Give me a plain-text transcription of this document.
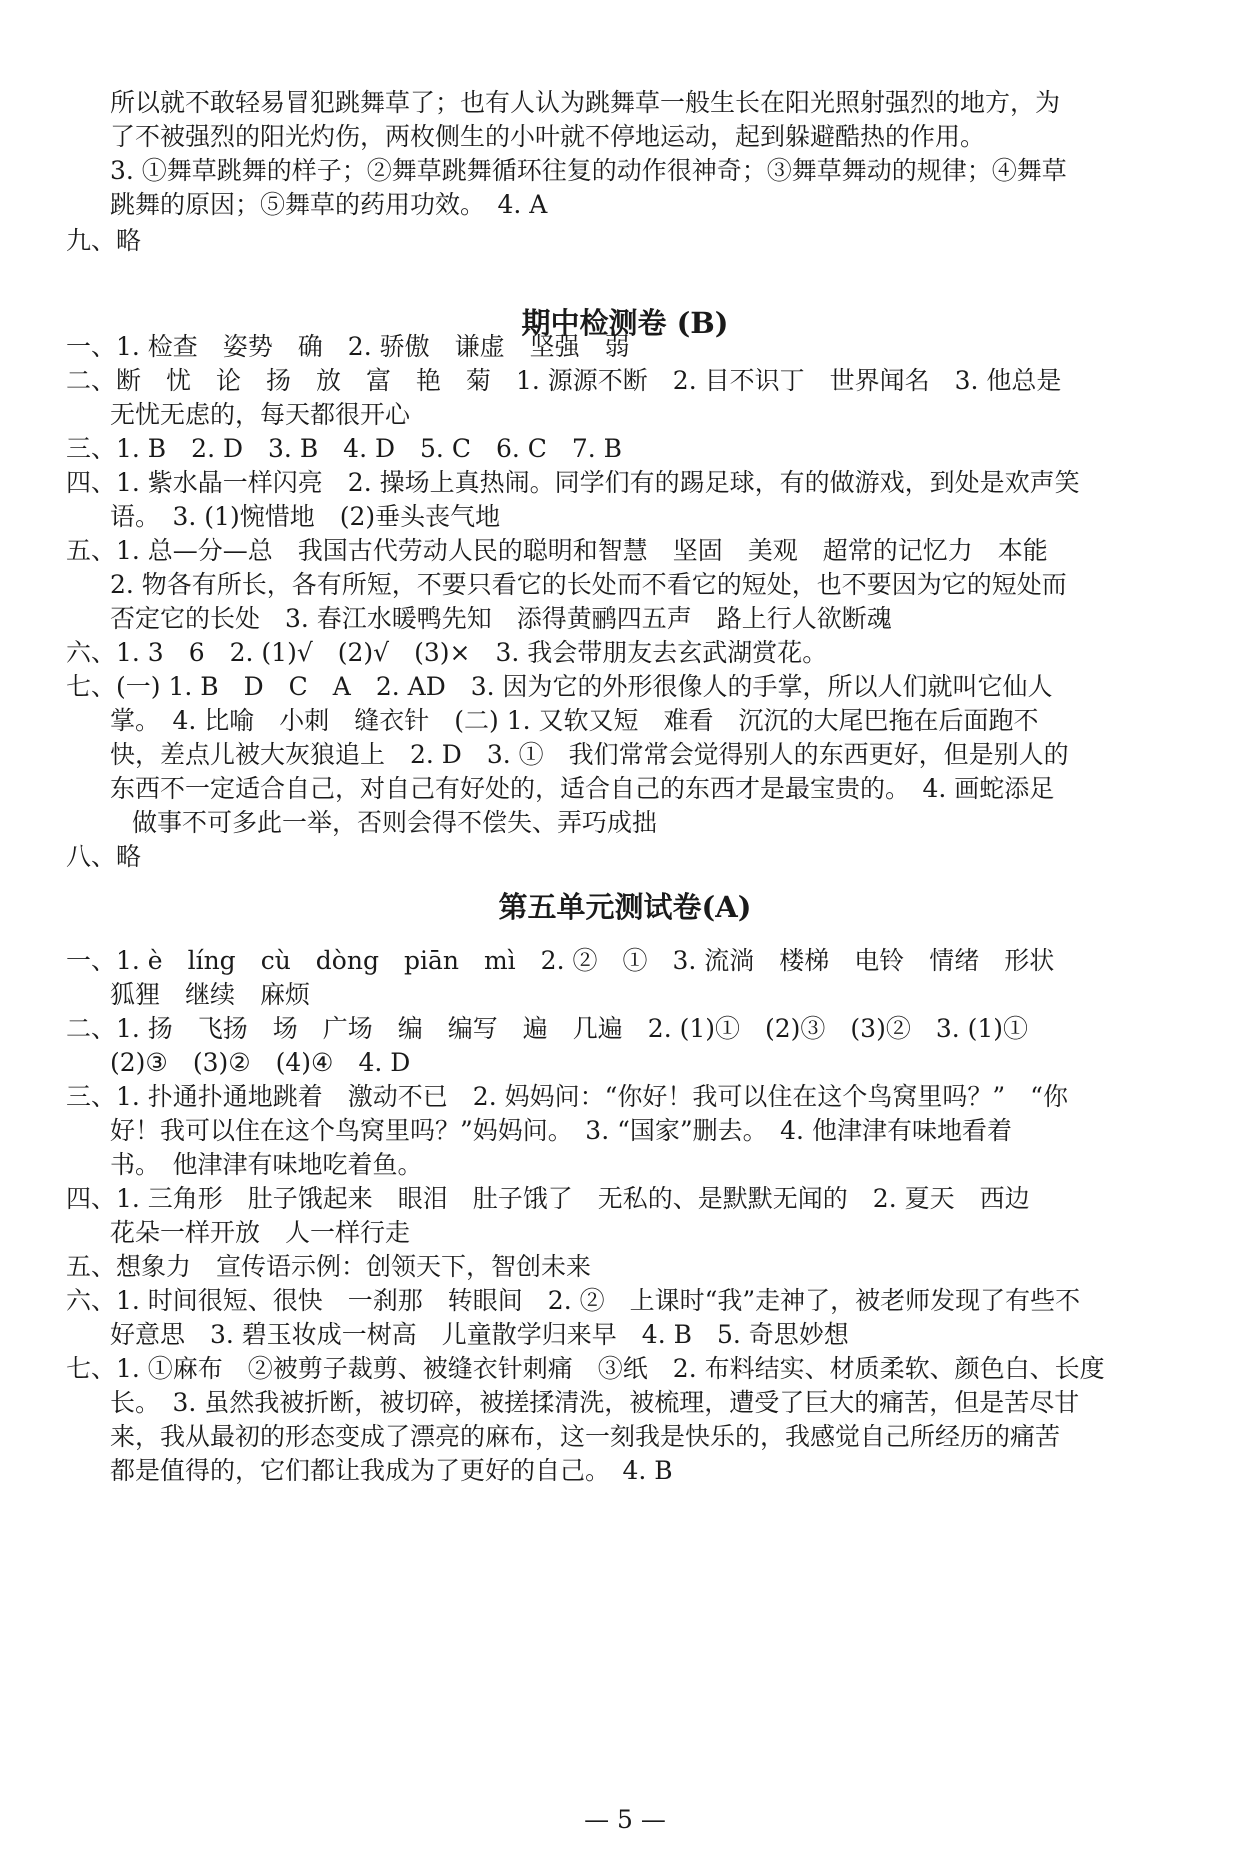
所以就不敢轻易冒犯跳舞草了；也有人认为跳舞草一般生长在阳光照射强烈的地方，为
了不被强烈的阳光灼伤，两枚侧生的小叶就不停地运动，起到躲避酷热的作用。
3. ①舞草跳舞的样子；②舞草跳舞循环往复的动作很神奇；③舞草舞动的规律；④舞草
跳舞的原因；⑤舞草的药用功效。　4. A
九、略
期中检测卷 (B)
一、1. 检查　姿势　确　2. 骄傲　谦虚　坚强　弱
二、断　忧　论　扬　放　富　艳　菊　1. 源源不断　2. 目不识丁　世界闻名　3. 他总是
无忧无虑的，每天都很开心
三、1. B　2. D　3. B　4. D　5. C　6. C　7. B
四、1. 紫水晶一样闪亮　2. 操场上真热闹。同学们有的踢足球，有的做游戏，到处是欢声笑
语。　3. (1)惋惜地　(2)垂头丧气地
五、1. 总—分—总　我国古代劳动人民的聪明和智慧　坚固　美观　超常的记忆力　本能
2. 物各有所长，各有所短，不要只看它的长处而不看它的短处，也不要因为它的短处而
否定它的长处　3. 春江水暖鸭先知　添得黄鹂四五声　路上行人欲断魂
六、1. 3　6　2. (1)√　(2)√　(3)×　3. 我会带朋友去玄武湖赏花。
七、(一) 1. B　D　C　A　2. AD　3. 因为它的外形很像人的手掌，所以人们就叫它仙人
掌。　4. 比喻　小刺　缝衣针　(二) 1. 又软又短　难看　沉沉的大尾巴拖在后面跑不
快，差点儿被大灰狼追上　2. D　3. ①　我们常常会觉得别人的东西更好，但是别人的
东西不一定适合自己，对自己有好处的，适合自己的东西才是最宝贵的。　4. 画蛇添足
做事不可多此一举，否则会得不偿失、弄巧成拙
八、略
第五单元测试卷(A)
一、1. è　líng　cù　dòng　piān　mì　2. ②　①　3. 流淌　楼梯　电铃　情绪　形状
狐狸　继续　麻烦
二、1. 扬　飞扬　场　广场　编　编写　遍　几遍　2. (1)①　(2)③　(3)②　3. (1)①
(2)③　(3)②　(4)④　4. D
三、1. 扑通扑通地跳着　激动不已　2. 妈妈问：“你好！我可以住在这个鸟窝里吗？”　“你
好！我可以住在这个鸟窝里吗？”妈妈问。　3. “国家”删去。　4. 他津津有味地看着
书。　他津津有味地吃着鱼。
四、1. 三角形　肚子饿起来　眼泪　肚子饿了　无私的、是默默无闻的　2. 夏天　西边
花朵一样开放　人一样行走
五、想象力　宣传语示例：创领天下，智创未来
六、1. 时间很短、很快　一刹那　转眼间　2. ②　上课时“我”走神了，被老师发现了有些不
好意思　3. 碧玉妆成一树高　儿童散学归来早　4. B　5. 奇思妙想
七、1. ①麻布　②被剪子裁剪、被缝衣针刺痛　③纸　2. 布料结实、材质柔软、颜色白、长度
长。　3. 虽然我被折断，被切碎，被搓揉清洗，被梳理，遭受了巨大的痛苦，但是苦尽甘
来，我从最初的形态变成了漂亮的麻布，这一刻我是快乐的，我感觉自己所经历的痛苦
都是值得的，它们都让我成为了更好的自己。　4. B
— 5 —
